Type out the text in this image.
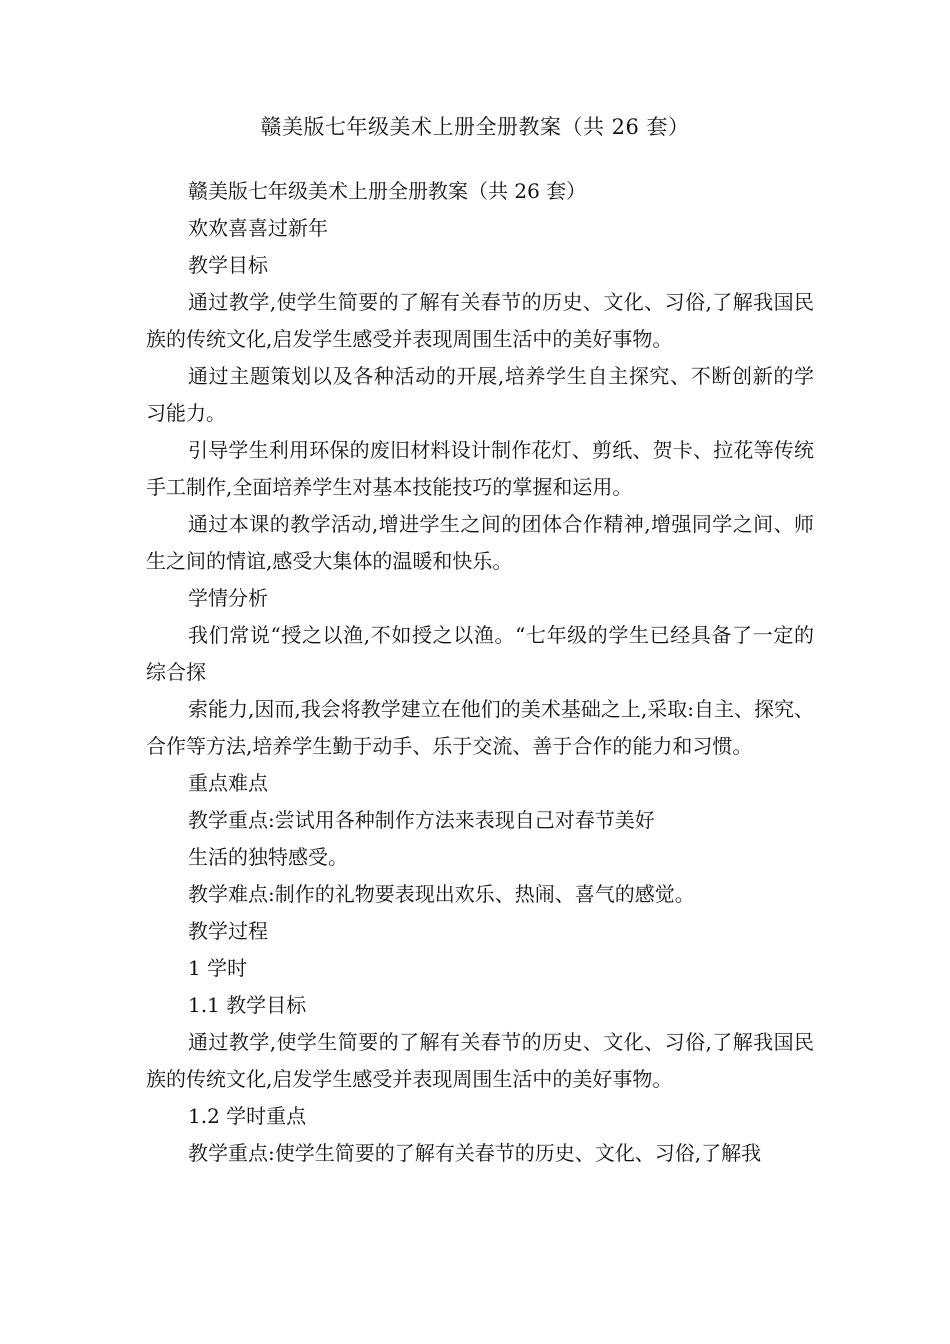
赣美版七年级美术上册全册教案（共 26 套）

赣美版七年级美术上册全册教案（共 26 套）

欢欢喜喜过新年

教学目标

通过教学,使学生简要的了解有关春节的历史、文化、习俗,了解我国民族的传统文化,启发学生感受并表现周围生活中的美好事物。

通过主题策划以及各种活动的开展,培养学生自主探究、不断创新的学习能力。

引导学生利用环保的废旧材料设计制作花灯、剪纸、贺卡、拉花等传统手工制作,全面培养学生对基本技能技巧的掌握和运用。

通过本课的教学活动,增进学生之间的团体合作精神,增强同学之间、师生之间的情谊,感受大集体的温暖和快乐。

学情分析

我们常说“授之以渔,不如授之以渔。“七年级的学生已经具备了一定的综合探

索能力,因而,我会将教学建立在他们的美术基础之上,采取:自主、探究、合作等方法,培养学生勤于动手、乐于交流、善于合作的能力和习惯。

重点难点

教学重点:尝试用各种制作方法来表现自己对春节美好

生活的独特感受。

教学难点:制作的礼物要表现出欢乐、热闹、喜气的感觉。

教学过程

1 学时

1.1 教学目标

通过教学,使学生简要的了解有关春节的历史、文化、习俗,了解我国民族的传统文化,启发学生感受并表现周围生活中的美好事物。

1.2 学时重点

教学重点:使学生简要的了解有关春节的历史、文化、习俗,了解我
